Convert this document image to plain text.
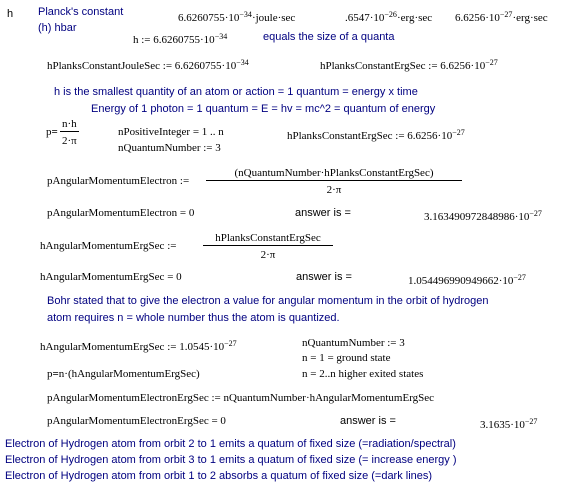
h Planck's constant	$6.6260755\cdot 10^{-34}\cdot joule\cdot\sec$	$.6547\cdot 10^{-26}\cdot erg\cdot\sec$ $6.6256\cdot 10^{-27}\cdot erg\cdot\sec$
(h) hbar
h := $6.6260755\cdot 10^{-34}$	equals the size of a quanta
hPlanksConstantJouleSec := $6.6260755\cdot 10^{-34}$	hPlanksConstantErgSec := $6.6256\cdot 10^{-27}$
h is the smallest quantity of an atom or action = 1 quantum = energy x time
Energy of 1 photon = 1 quantum = E = hv = mc^2 = quantum of energy
$p= \frac{n\cdot h}{2\cdot\pi}$	nPositiveInteger = 1 .. n
nQuantumNumber := 3
hPlanksConstantErgSec := $6.6256\cdot 10^{-27}$
pAngularMomentumElectron :=
(nQuantumNumber·hPlanksConstantErgSec)
2·π
pAngularMomentumElectron = 0	answer is =	$3.163490972848986\cdot 10^{-27}$
hAngularMomentumErgSec :=
hPlanksConstantErgSec
2·π
hAngularMomentumErgSec = 0	answer is =	$1.054496990949662\cdot 10^{-27}$
Bohr stated that to give the electron a value for angular momentum in the orbit of hydrogen
atom requires n = whole number thus the atom is quantized.
hAngularMomentumErgSec := $1.0545\cdot 10^{-27}$	nQuantumNumber := 3
n = 1 = ground state
p=n·(hAngularMomentumErgSec)	n = 2..n higher exited states
pAngularMomentumElectronErgSec := nQuantumNumber·hAngularMomentumErgSec
pAngularMomentumElectronErgSec = 0	answer is =	$3.1635\cdot 10^{-27}$
Electron of Hydrogen atom from orbit 2 to 1 emits a quatum of fixed size (=radiation/spectral)
Electron of Hydrogen atom from orbit 3 to 1 emits a quatum of fixed size (= increase energy )
Electron of Hydrogen atom from orbit 1 to 2 absorbs a quatum of fixed size (=dark lines)
